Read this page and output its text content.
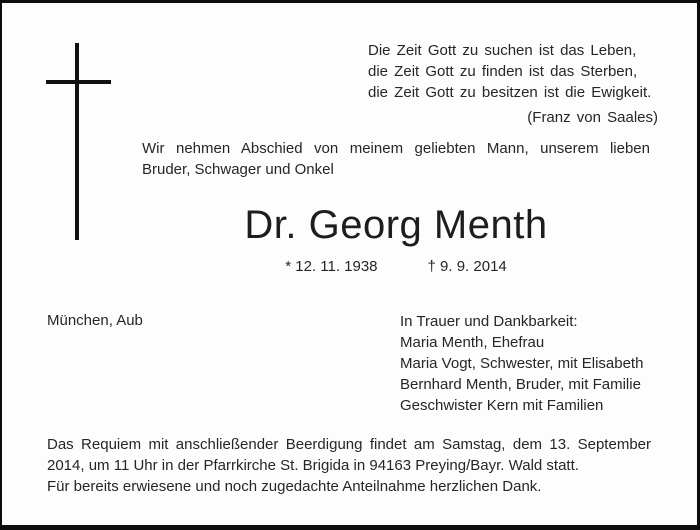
Die Zeit Gott zu suchen ist das Leben,
die Zeit Gott zu finden ist das Sterben,
die Zeit Gott zu besitzen ist die Ewigkeit.
(Franz von Saales)
Wir nehmen Abschied von meinem geliebten Mann, unserem lieben
Bruder, Schwager und Onkel
Dr. Georg Menth
* 12. 11. 1938	† 9. 9. 2014
München, Aub	In Trauer und Dankbarkeit:
Maria Menth, Ehefrau
Maria Vogt, Schwester, mit Elisabeth
Bernhard Menth, Bruder, mit Familie
Geschwister Kern mit Familien
Das Requiem mit anschließender Beerdigung findet am Samstag, dem 13. September
2014, um 11 Uhr in der Pfarrkirche St. Brigida in 94163 Preying/Bayr. Wald statt.
Für bereits erwiesene und noch zugedachte Anteilnahme herzlichen Dank.
